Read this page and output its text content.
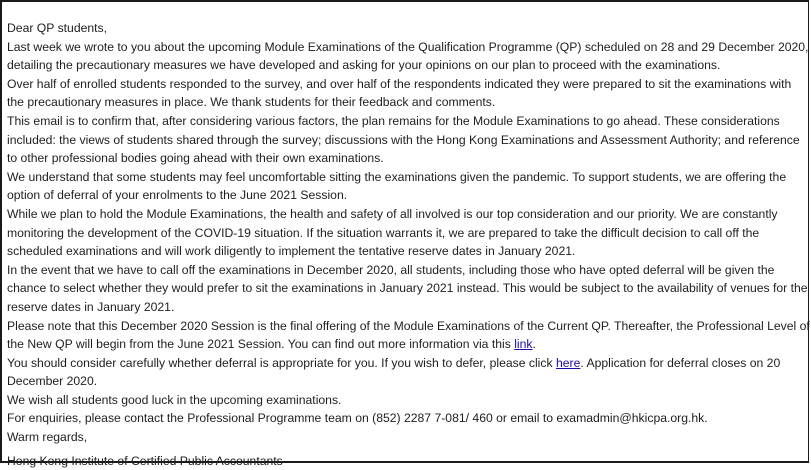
Dear QP students,

Last week we wrote to you about the upcoming Module Examinations of the Qualification Programme (QP) scheduled on 28 and 29 December 2020, detailing the precautionary measures we have developed and asking for your opinions on our plan to proceed with the examinations.

Over half of enrolled students responded to the survey, and over half of the respondents indicated they were prepared to sit the examinations with the precautionary measures in place. We thank students for their feedback and comments.

This email is to confirm that, after considering various factors, the plan remains for the Module Examinations to go ahead. These considerations included: the views of students shared through the survey; discussions with the Hong Kong Examinations and Assessment Authority; and reference to other professional bodies going ahead with their own examinations.

We understand that some students may feel uncomfortable sitting the examinations given the pandemic. To support students, we are offering the option of deferral of your enrolments to the June 2021 Session.

While we plan to hold the Module Examinations, the health and safety of all involved is our top consideration and our priority. We are constantly monitoring the development of the COVID-19 situation. If the situation warrants it, we are prepared to take the difficult decision to call off the scheduled examinations and will work diligently to implement the tentative reserve dates in January 2021.

In the event that we have to call off the examinations in December 2020, all students, including those who have opted deferral will be given the chance to select whether they would prefer to sit the examinations in January 2021 instead. This would be subject to the availability of venues for the reserve dates in January 2021.

Please note that this December 2020 Session is the final offering of the Module Examinations of the Current QP. Thereafter, the Professional Level of the New QP will begin from the June 2021 Session. You can find out more information via this link.

You should consider carefully whether deferral is appropriate for you. If you wish to defer, please click here. Application for deferral closes on 20 December 2020.

We wish all students good luck in the upcoming examinations.

For enquiries, please contact the Professional Programme team on (852) 2287 7-081/ 460 or email to examadmin@hkicpa.org.hk.

Warm regards,

Hong Kong Institute of Certified Public Accountants
